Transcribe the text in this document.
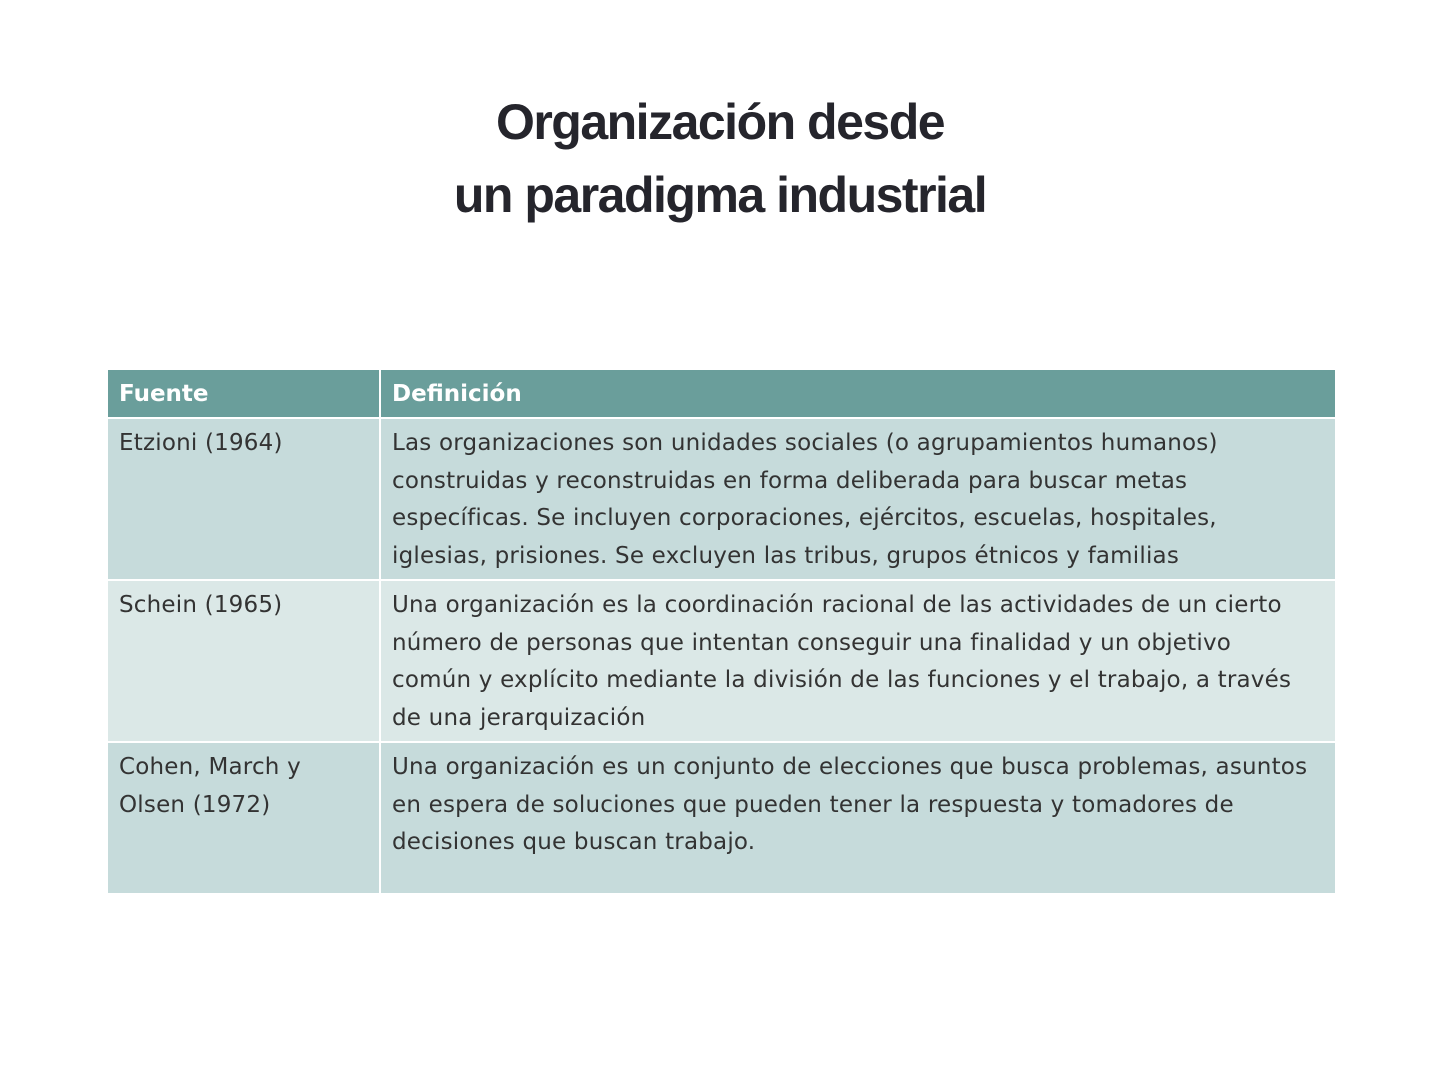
Organización desde
un paradigma industrial
Fuente	Definición
Etzioni (1964)	Las organizaciones son unidades sociales (o agrupamientos humanos) construidas y reconstruidas en forma deliberada para buscar metas específicas. Se incluyen corporaciones, ejércitos, escuelas, hospitales, iglesias, prisiones. Se excluyen las tribus, grupos étnicos y familias
Schein (1965)	Una organización es la coordinación racional de las actividades de un cierto número de personas que intentan conseguir una finalidad y un objetivo común y explícito mediante la división de las funciones y el trabajo, a través de una jerarquización
Cohen, March y Olsen (1972)	Una organización es un conjunto de elecciones que busca problemas, asuntos en espera de soluciones que pueden tener la respuesta y tomadores de decisiones que buscan trabajo.
